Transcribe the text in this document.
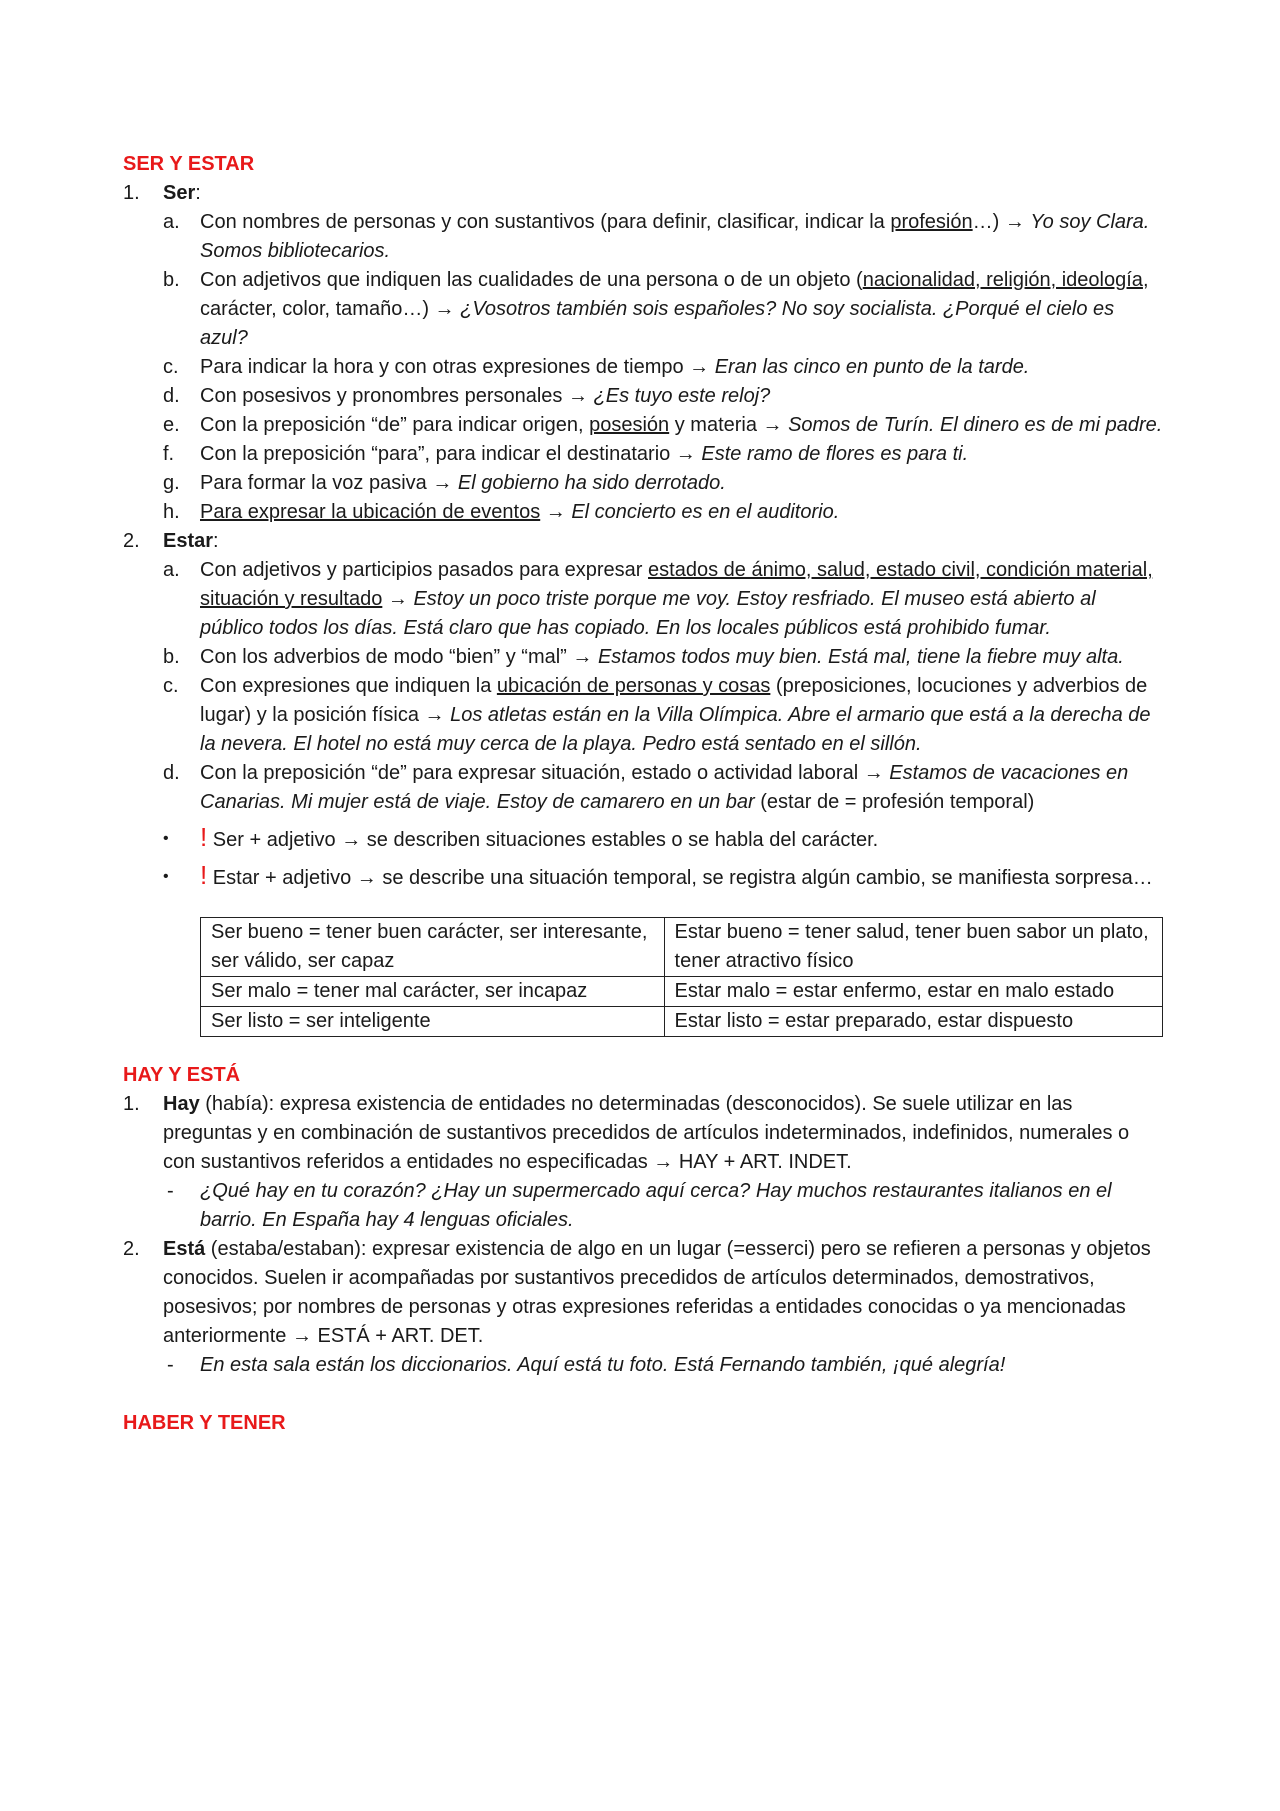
SER Y ESTAR

1.	Ser:
a.	Con nombres de personas y con sustantivos (para definir, clasificar, indicar la profesión…) → Yo soy Clara. Somos bibliotecarios.
b.	Con adjetivos que indiquen las cualidades de una persona o de un objeto (nacionalidad, religión, ideología, carácter, color, tamaño…) → ¿Vosotros también sois españoles? No soy socialista. ¿Porqué el cielo es azul?
c.	Para indicar la hora y con otras expresiones de tiempo → Eran las cinco en punto de la tarde.
d.	Con posesivos y pronombres personales → ¿Es tuyo este reloj?
e.	Con la preposición “de” para indicar origen, posesión y materia → Somos de Turín. El dinero es de mi padre.
f.	Con la preposición “para”, para indicar el destinatario → Este ramo de flores es para ti.
g.	Para formar la voz pasiva → El gobierno ha sido derrotado.
h.	Para expresar la ubicación de eventos → El concierto es en el auditorio.
2.	Estar:
a.	Con adjetivos y participios pasados para expresar estados de ánimo, salud, estado civil, condición material, situación y resultado → Estoy un poco triste porque me voy. Estoy resfriado. El museo está abierto al público todos los días. Está claro que has copiado. En los locales públicos está prohibido fumar.
b.	Con los adverbios de modo “bien” y “mal” → Estamos todos muy bien. Está mal, tiene la fiebre muy alta.
c.	Con expresiones que indiquen la ubicación de personas y cosas (preposiciones, locuciones y adverbios de lugar) y la posición física → Los atletas están en la Villa Olímpica. Abre el armario que está a la derecha de la nevera. El hotel no está muy cerca de la playa. Pedro está sentado en el sillón.
d.	Con la preposición “de” para expresar situación, estado o actividad laboral → Estamos de vacaciones en Canarias. Mi mujer está de viaje. Estoy de camarero en un bar (estar de = profesión temporal)
• ! Ser + adjetivo → se describen situaciones estables o se habla del carácter.
• ! Estar + adjetivo → se describe una situación temporal, se registra algún cambio, se manifiesta sorpresa…
Ser bueno = tener buen carácter, ser interesante, ser válido, ser capaz	Estar bueno = tener salud, tener buen sabor un plato, tener atractivo físico
Ser malo = tener mal carácter, ser incapaz	Estar malo = estar enfermo, estar en malo estado
Ser listo = ser inteligente	Estar listo = estar preparado, estar dispuesto

HAY Y ESTÁ

1.	Hay (había): expresa existencia de entidades no determinadas (desconocidos). Se suele utilizar en las preguntas y en combinación de sustantivos precedidos de artículos indeterminados, indefinidos, numerales o con sustantivos referidos a entidades no especificadas → HAY + ART. INDET.
- ¿Qué hay en tu corazón? ¿Hay un supermercado aquí cerca? Hay muchos restaurantes italianos en el barrio. En España hay 4 lenguas oficiales.
2.	Está (estaba/estaban): expresar existencia de algo en un lugar (=esserci) pero se refieren a personas y objetos conocidos. Suelen ir acompañadas por sustantivos precedidos de artículos determinados, demostrativos, posesivos; por nombres de personas y otras expresiones referidas a entidades conocidas o ya mencionadas anteriormente → ESTÁ + ART. DET.
- En esta sala están los diccionarios. Aquí está tu foto. Está Fernando también, ¡qué alegría!

HABER Y TENER
